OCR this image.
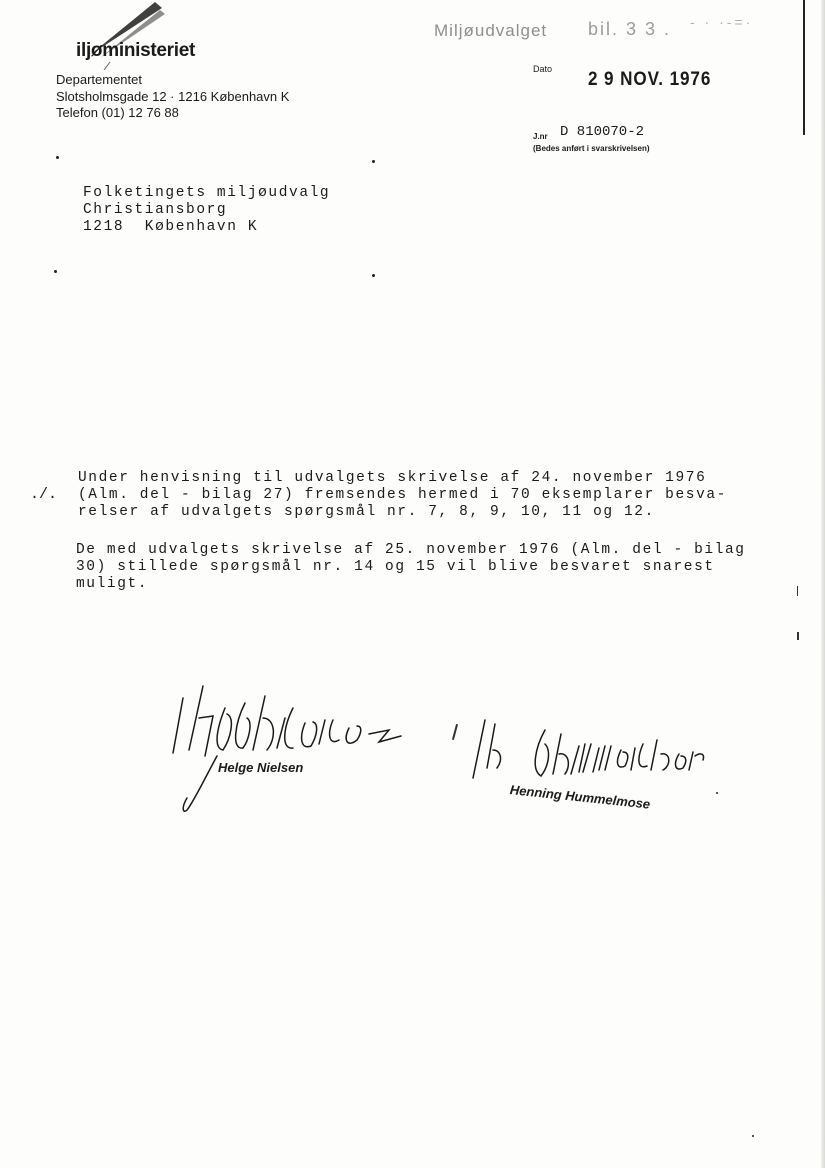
iljøministeriet
Departementet
Slotsholmsgade 12 · 1216 København K
Telefon (01) 12 76 88
Miljøudvalget bil. 3 3 . - · ·-=·
Dato 2 9 NOV. 1976
J.nr D 810070-2
(Bedes anført i svarskrivelsen)
Folketingets miljøudvalg
Christiansborg
1218  København K
./.
Under henvisning til udvalgets skrivelse af 24. november 1976
(Alm. del - bilag 27) fremsendes hermed i 70 eksemplarer besva-
relser af udvalgets spørgsmål nr. 7, 8, 9, 10, 11 og 12.
De med udvalgets skrivelse af 25. november 1976 (Alm. del - bilag
30) stillede spørgsmål nr. 14 og 15 vil blive besvaret snarest
muligt.
Helge Nielsen
Henning Hummelmose
